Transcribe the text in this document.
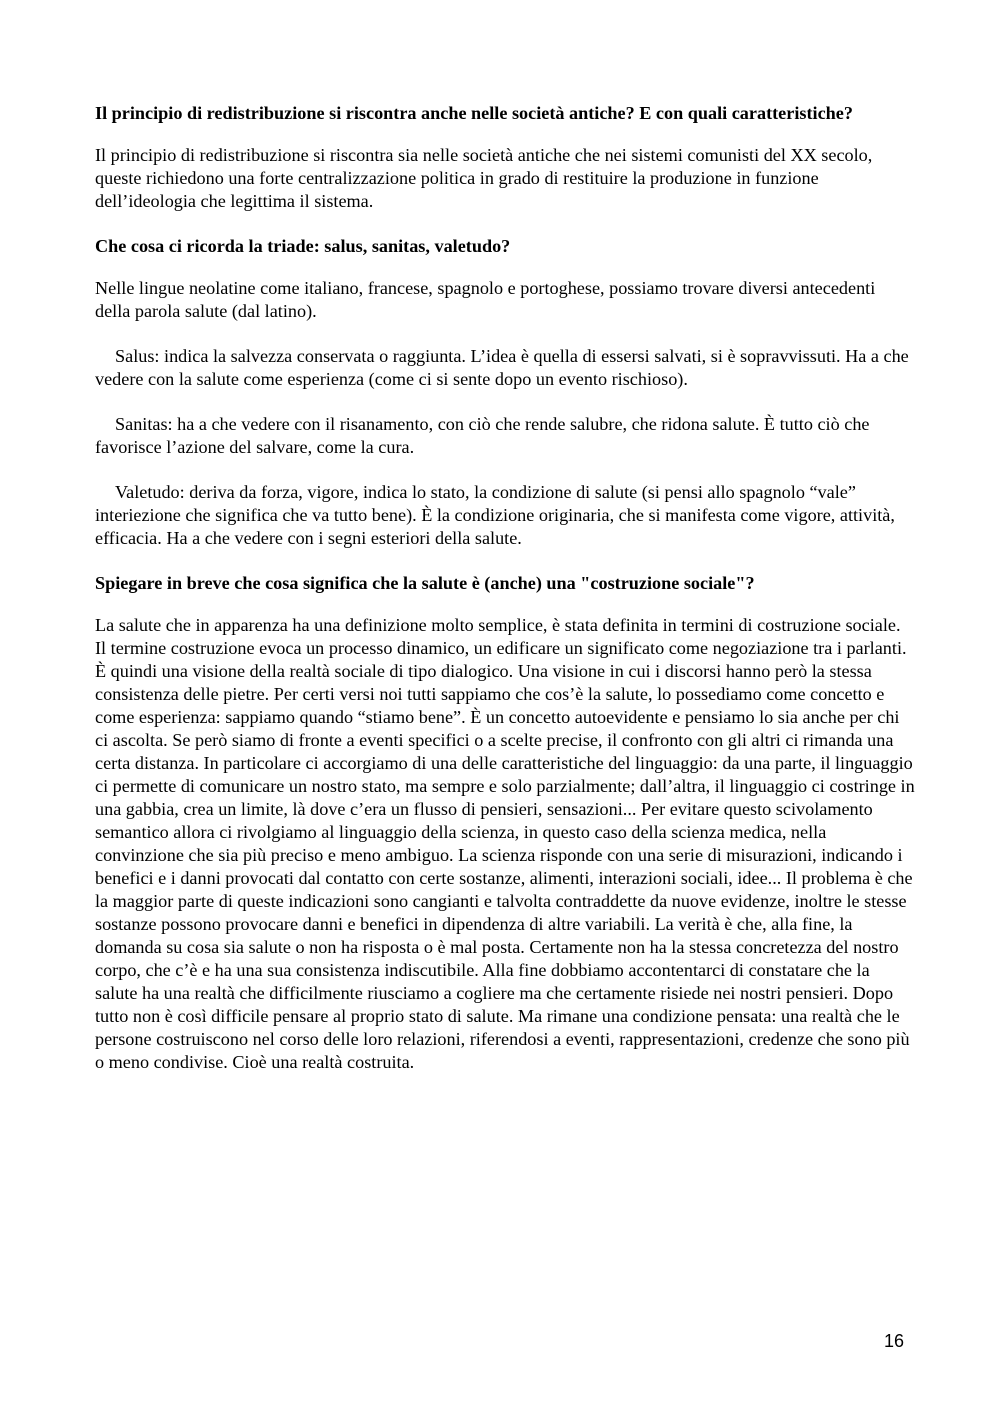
Il principio di redistribuzione si riscontra anche nelle società antiche? E con quali caratteristiche?

Il principio di redistribuzione si riscontra sia nelle società antiche che nei sistemi comunisti del XX secolo, queste richiedono una forte centralizzazione politica in grado di restituire la produzione in funzione dell’ideologia che legittima il sistema.

Che cosa ci ricorda la triade: salus, sanitas, valetudo?

Nelle lingue neolatine come italiano, francese, spagnolo e portoghese, possiamo trovare diversi antecedenti della parola salute (dal latino).

Salus: indica la salvezza conservata o raggiunta. L’idea è quella di essersi salvati, si è sopravvissuti. Ha a che vedere con la salute come esperienza (come ci si sente dopo un evento rischioso).

Sanitas: ha a che vedere con il risanamento, con ciò che rende salubre, che ridona salute. È tutto ciò che favorisce l’azione del salvare, come la cura.

Valetudo: deriva da forza, vigore, indica lo stato, la condizione di salute (si pensi allo spagnolo “vale” interiezione che significa che va tutto bene). È la condizione originaria, che si manifesta come vigore, attività, efficacia. Ha a che vedere con i segni esteriori della salute.

Spiegare in breve che cosa significa che la salute è (anche) una "costruzione sociale"?

La salute che in apparenza ha una definizione molto semplice, è stata definita in termini di costruzione sociale. Il termine costruzione evoca un processo dinamico, un edificare un significato come negoziazione tra i parlanti. È quindi una visione della realtà sociale di tipo dialogico. Una visione in cui i discorsi hanno però la stessa consistenza delle pietre. Per certi versi noi tutti sappiamo che cos’è la salute, lo possediamo come concetto e come esperienza: sappiamo quando “stiamo bene”. È un concetto autoevidente e pensiamo lo sia anche per chi ci ascolta. Se però siamo di fronte a eventi specifici o a scelte precise, il confronto con gli altri ci rimanda una certa distanza. In particolare ci accorgiamo di una delle caratteristiche del linguaggio: da una parte, il linguaggio ci permette di comunicare un nostro stato, ma sempre e solo parzialmente; dall’altra, il linguaggio ci costringe in una gabbia, crea un limite, là dove c’era un flusso di pensieri, sensazioni... Per evitare questo scivolamento semantico allora ci rivolgiamo al linguaggio della scienza, in questo caso della scienza medica, nella convinzione che sia più preciso e meno ambiguo. La scienza risponde con una serie di misurazioni, indicando i benefici e i danni provocati dal contatto con certe sostanze, alimenti, interazioni sociali, idee... Il problema è che la maggior parte di queste indicazioni sono cangianti e talvolta contraddette da nuove evidenze, inoltre le stesse sostanze possono provocare danni e benefici in dipendenza di altre variabili. La verità è che, alla fine, la domanda su cosa sia salute o non ha risposta o è mal posta. Certamente non ha la stessa concretezza del nostro corpo, che c’è e ha una sua consistenza indiscutibile. Alla fine dobbiamo accontentarci di constatare che la salute ha una realtà che difficilmente riusciamo a cogliere ma che certamente risiede nei nostri pensieri. Dopo tutto non è così difficile pensare al proprio stato di salute. Ma rimane una condizione pensata: una realtà che le persone costruiscono nel corso delle loro relazioni, riferendosi a eventi, rappresentazioni, credenze che sono più o meno condivise. Cioè una realtà costruita.

16
